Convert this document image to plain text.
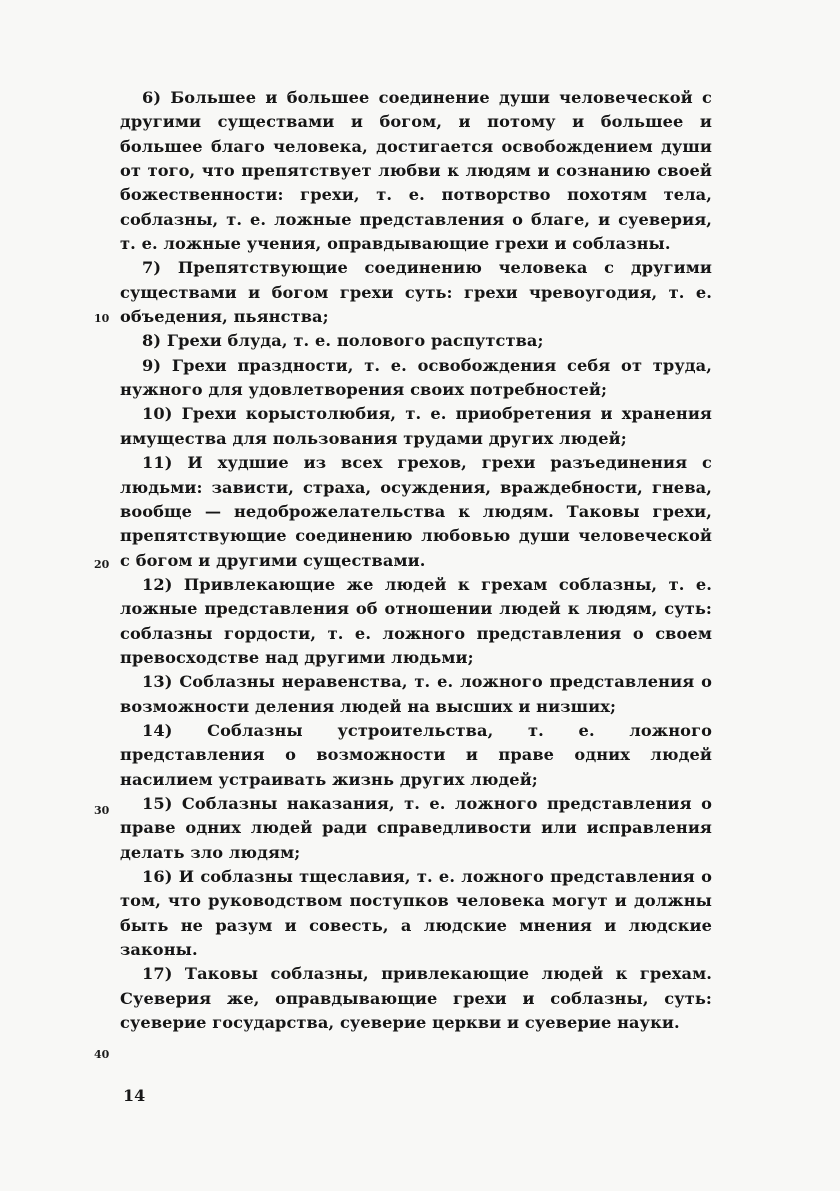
6) Большее и большее соединение души человеческой с другими существами и богом, и потому и большее и большее благо человека, достигается освобождением души от того, что препятствует любви к людям и сознанию своей божественности: грехи, т. е. потворство похотям тела, соблазны, т. е. ложные представления о благе, и суеверия, т. е. ложные учения, оправдывающие грехи и соблазны.

7) Препятствующие соединению человека с другими существами и богом грехи суть: грехи чревоугодия, т. е. объедения, пьянства;

8) Грехи блуда, т. е. полового распутства;

9) Грехи праздности, т. е. освобождения себя от труда, нужного для удовлетворения своих потребностей;

10) Грехи корыстолюбия, т. е. приобретения и хранения имущества для пользования трудами других людей;

11) И худшие из всех грехов, грехи разъединения с людьми: зависти, страха, осуждения, враждебности, гнева, вообще — недоброжелательства к людям. Таковы грехи, препятствующие соединению любовью души человеческой с богом и другими существами.

12) Привлекающие же людей к грехам соблазны, т. е. ложные представления об отношении людей к людям, суть: соблазны гордости, т. е. ложного представления о своем превосходстве над другими людьми;

13) Соблазны неравенства, т. е. ложного представления о возможности деления людей на высших и низших;

14) Соблазны устроительства, т. е. ложного представления о возможности и праве одних людей насилием устраивать жизнь других людей;

15) Соблазны наказания, т. е. ложного представления о праве одних людей ради справедливости или исправления делать зло людям;

16) И соблазны тщеславия, т. е. ложного представления о том, что руководством поступков человека могут и должны быть не разум и совесть, а людские мнения и людские законы.

17) Таковы соблазны, привлекающие людей к грехам. Суеверия же, оправдывающие грехи и соблазны, суть: суеверие государства, суеверие церкви и суеверие науки.

10
20
30
40
14
